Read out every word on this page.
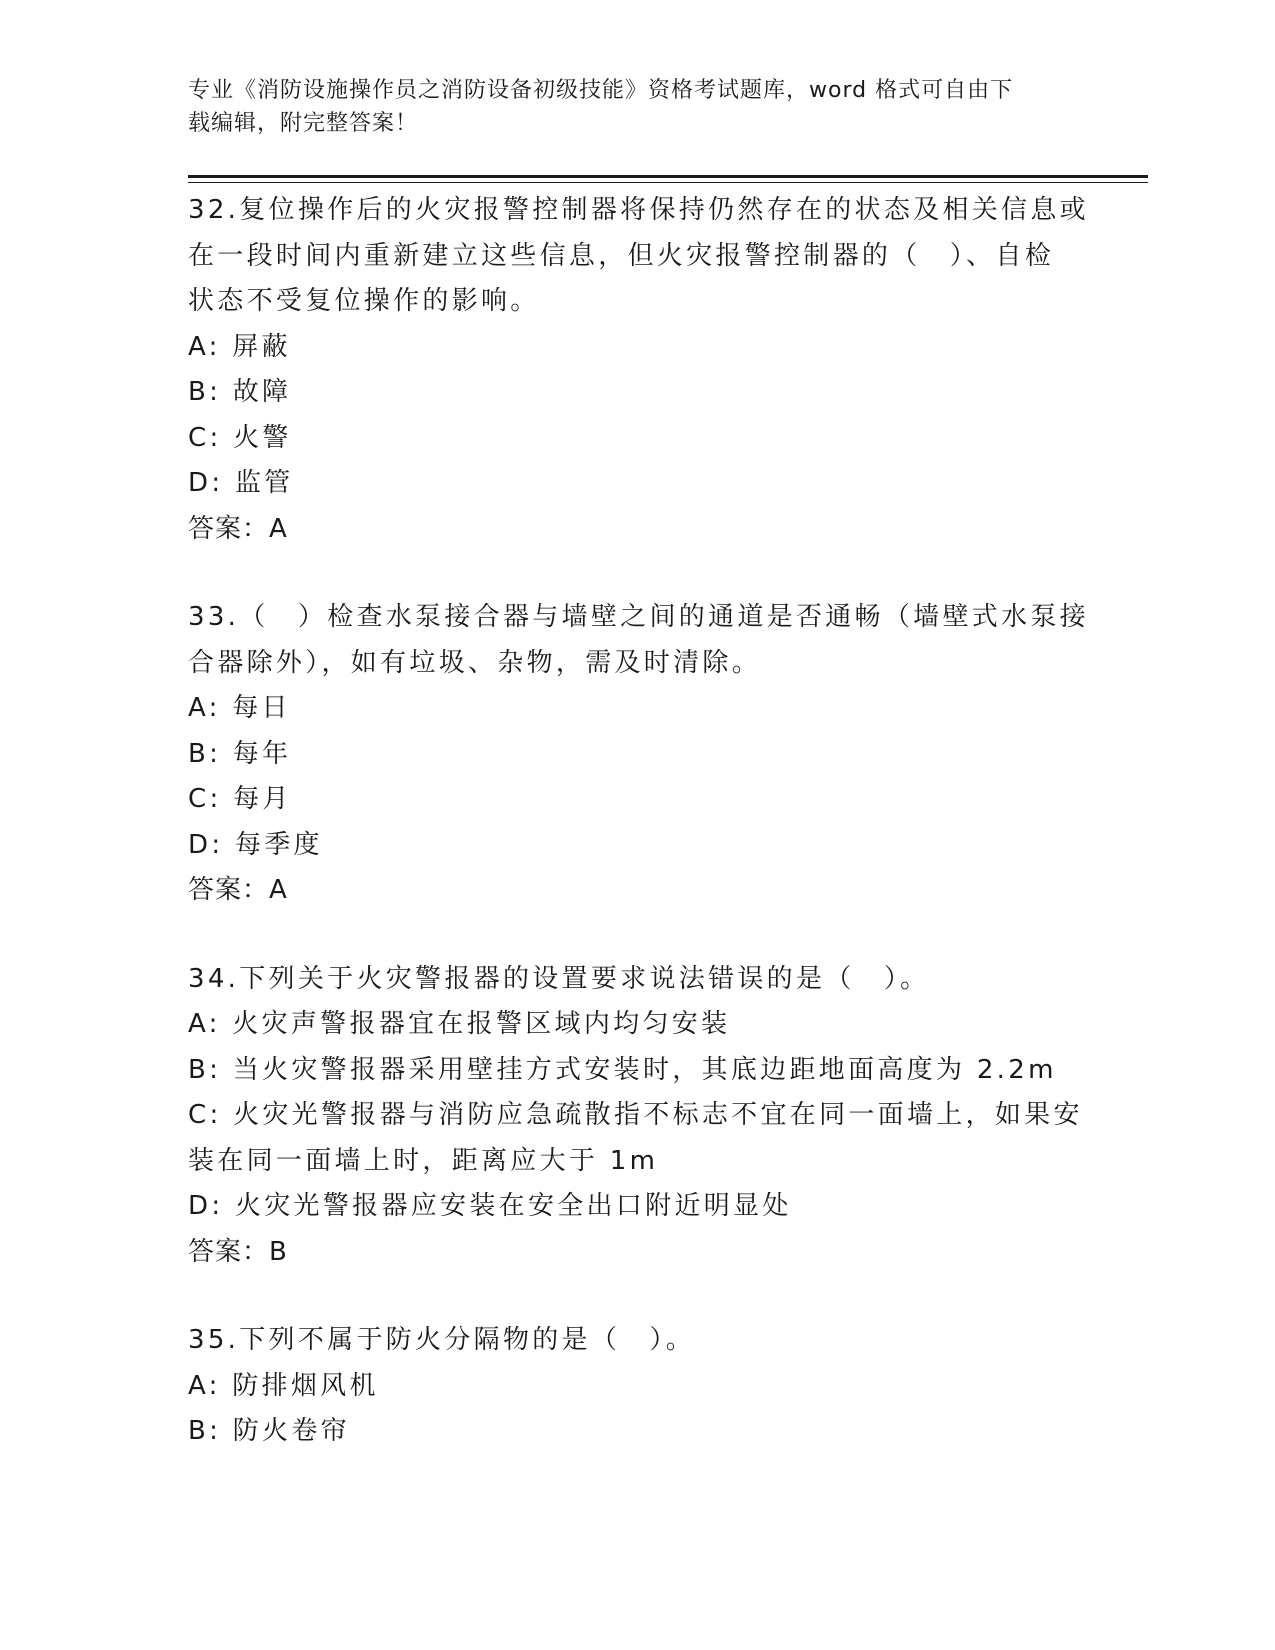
专业《消防设施操作员之消防设备初级技能》资格考试题库，word 格式可自由下
载编辑，附完整答案！
32.复位操作后的火灾报警控制器将保持仍然存在的状态及相关信息或
在一段时间内重新建立这些信息，但火灾报警控制器的（　）、自检
状态不受复位操作的影响。
A: 屏蔽
B: 故障
C: 火警
D: 监管
答案：A
33.（　）检查水泵接合器与墙壁之间的通道是否通畅（墙壁式水泵接
合器除外），如有垃圾、杂物，需及时清除。
A: 每日
B: 每年
C: 每月
D: 每季度
答案：A
34.下列关于火灾警报器的设置要求说法错误的是（　）。
A: 火灾声警报器宜在报警区域内均匀安装
B: 当火灾警报器采用壁挂方式安装时，其底边距地面高度为 2.2m
C: 火灾光警报器与消防应急疏散指不标志不宜在同一面墙上，如果安
装在同一面墙上时，距离应大于 1m
D: 火灾光警报器应安装在安全出口附近明显处
答案：B
35.下列不属于防火分隔物的是（　）。
A: 防排烟风机
B: 防火卷帘
